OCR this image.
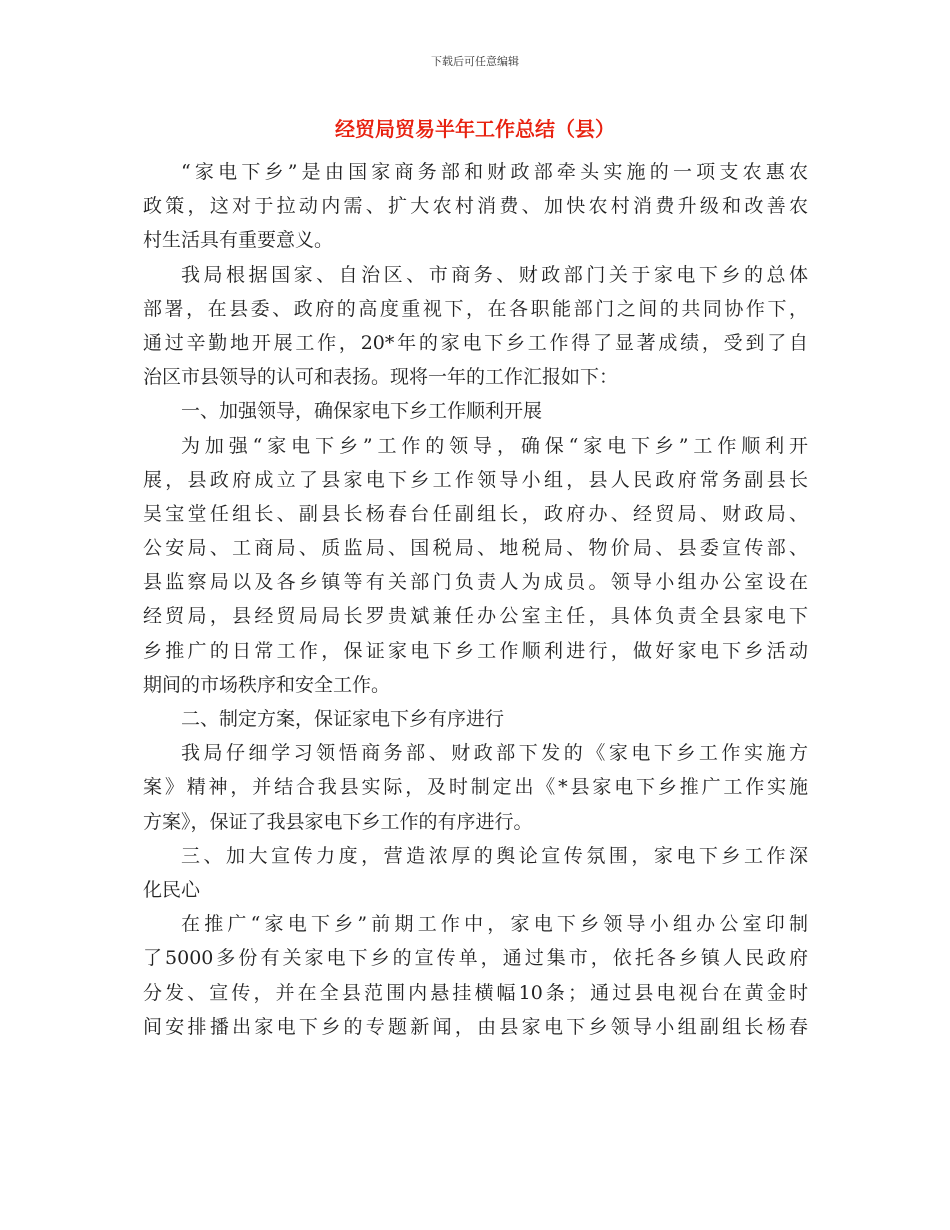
下载后可任意编辑
经贸局贸易半年工作总结（县）
“家电下乡”是由国家商务部和财政部牵头实施的一项支农惠农
政策，这对于拉动内需、扩大农村消费、加快农村消费升级和改善农
村生活具有重要意义。
我局根据国家、自治区、市商务、财政部门关于家电下乡的总体
部署，在县委、政府的高度重视下，在各职能部门之间的共同协作下，
通过辛勤地开展工作，20*年的家电下乡工作得了显著成绩，受到了自
治区市县领导的认可和表扬。现将一年的工作汇报如下：
一、加强领导，确保家电下乡工作顺利开展
为加强“家电下乡”工作的领导，确保“家电下乡”工作顺利开
展，县政府成立了县家电下乡工作领导小组，县人民政府常务副县长
吴宝堂任组长、副县长杨春台任副组长，政府办、经贸局、财政局、
公安局、工商局、质监局、国税局、地税局、物价局、县委宣传部、
县监察局以及各乡镇等有关部门负责人为成员。领导小组办公室设在
经贸局，县经贸局局长罗贵斌兼任办公室主任，具体负责全县家电下
乡推广的日常工作，保证家电下乡工作顺利进行，做好家电下乡活动
期间的市场秩序和安全工作。
二、制定方案，保证家电下乡有序进行
我局仔细学习领悟商务部、财政部下发的《家电下乡工作实施方
案》精神，并结合我县实际，及时制定出《*县家电下乡推广工作实施
方案》，保证了我县家电下乡工作的有序进行。
三、加大宣传力度，营造浓厚的舆论宣传氛围，家电下乡工作深
化民心
在推广“家电下乡”前期工作中，家电下乡领导小组办公室印制
了5000多份有关家电下乡的宣传单，通过集市，依托各乡镇人民政府
分发、宣传，并在全县范围内悬挂横幅10条；通过县电视台在黄金时
间安排播出家电下乡的专题新闻，由县家电下乡领导小组副组长杨春
